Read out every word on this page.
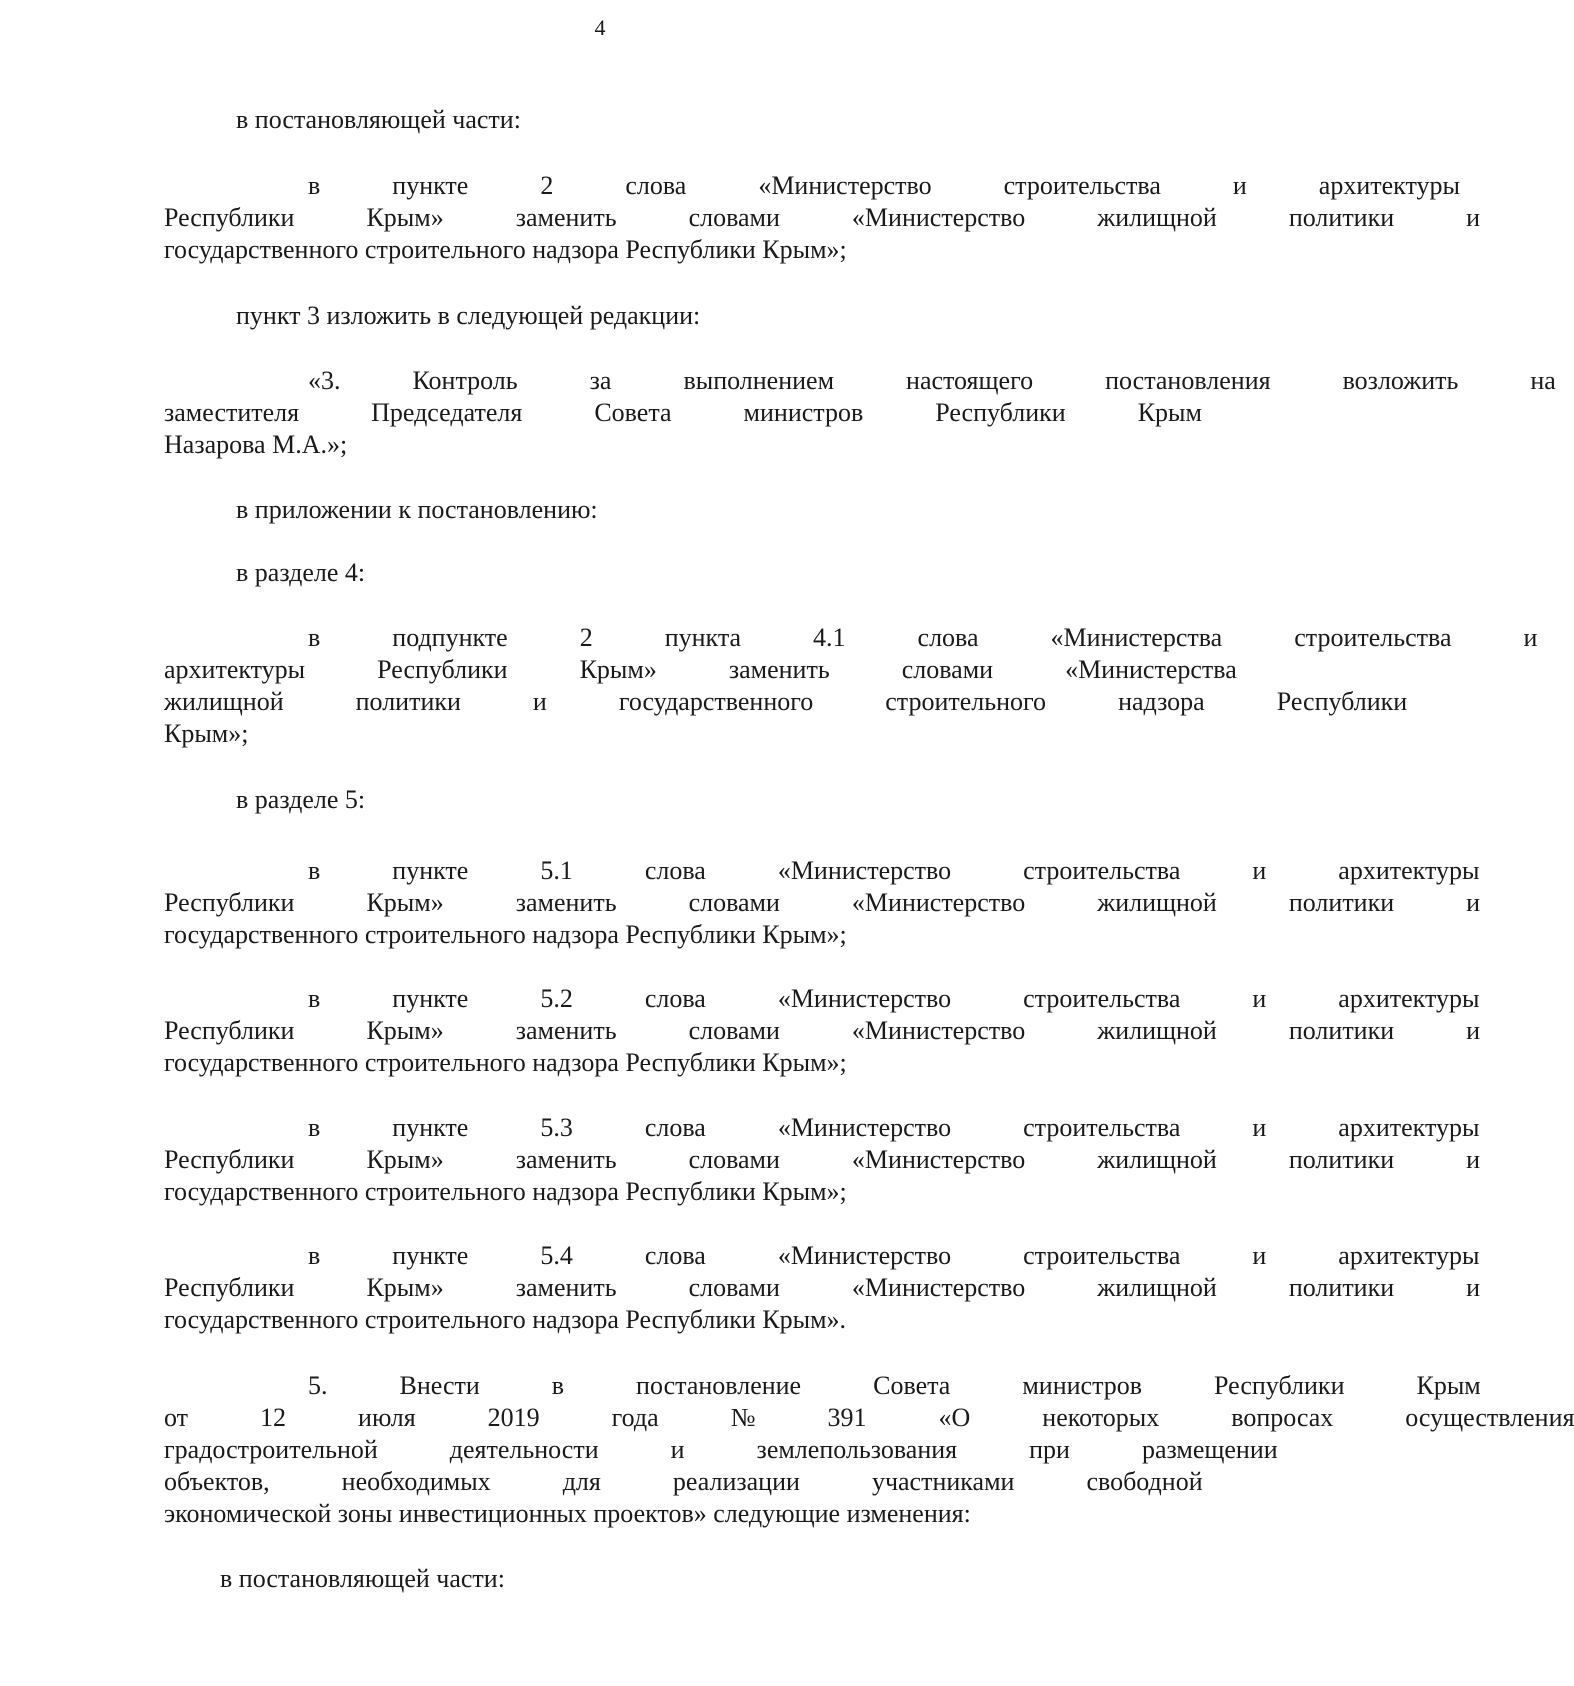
4

в постановляющей части:

в	пункте	2	слова	«Министерство	строительства	и	архитектуры
Республики	Крым»	заменить	словами	«Министерство	жилищной	политики	и
государственного строительного надзора Республики Крым»;

пункт 3 изложить в следующей редакции:

«3.	Контроль	за	выполнением	настоящего	постановления	возложить	на
заместителя	Председателя	Совета	министров	Республики	Крым
Назарова М.А.»;

в приложении к постановлению:

в разделе 4:

в	подпункте	2	пункта	4.1	слова	«Министерства	строительства	и
архитектуры	Республики	Крым»	заменить	словами	«Министерства
жилищной	политики	и	государственного	строительного	надзора	Республики
Крым»;

в разделе 5:

в	пункте	5.1	слова	«Министерство	строительства	и	архитектуры
Республики	Крым»	заменить	словами	«Министерство	жилищной	политики	и
государственного строительного надзора Республики Крым»;

в	пункте	5.2	слова	«Министерство	строительства	и	архитектуры
Республики	Крым»	заменить	словами	«Министерство	жилищной	политики	и
государственного строительного надзора Республики Крым»;

в	пункте	5.3	слова	«Министерство	строительства	и	архитектуры
Республики	Крым»	заменить	словами	«Министерство	жилищной	политики	и
государственного строительного надзора Республики Крым»;

в	пункте	5.4	слова	«Министерство	строительства	и	архитектуры
Республики	Крым»	заменить	словами	«Министерство	жилищной	политики	и
государственного строительного надзора Республики Крым».

5.	Внести	в	постановление	Совета	министров	Республики	Крым
от	12	июля	2019	года	№	391	«О	некоторых	вопросах	осуществления
градостроительной	деятельности	и	землепользования	при	размещении
объектов,	необходимых	для	реализации	участниками	свободной
экономической зоны инвестиционных проектов» следующие изменения:

в постановляющей части:
